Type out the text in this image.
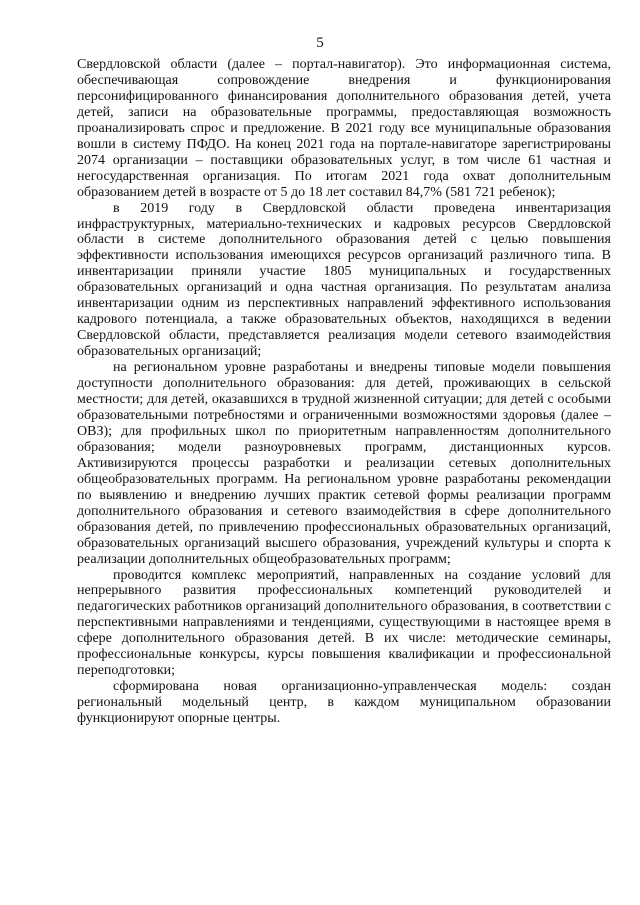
5

Свердловской области (далее – портал-навигатор). Это информационная система, обеспечивающая сопровождение внедрения и функционирования персонифицированного финансирования дополнительного образования детей, учета детей, записи на образовательные программы, предоставляющая возможность проанализировать спрос и предложение. В 2021 году все муниципальные образования вошли в систему ПФДО. На конец 2021 года на портале-навигаторе зарегистрированы 2074 организации – поставщики образовательных услуг, в том числе 61 частная и негосударственная организация. По итогам 2021 года охват дополнительным образованием детей в возрасте от 5 до 18 лет составил 84,7% (581 721 ребенок);

в 2019 году в Свердловской области проведена инвентаризация инфраструктурных, материально-технических и кадровых ресурсов Свердловской области в системе дополнительного образования детей с целью повышения эффективности использования имеющихся ресурсов организаций различного типа. В инвентаризации приняли участие 1805 муниципальных и государственных образовательных организаций и одна частная организация. По результатам анализа инвентаризации одним из перспективных направлений эффективного использования кадрового потенциала, а также образовательных объектов, находящихся в ведении Свердловской области, представляется реализация модели сетевого взаимодействия образовательных организаций;

на региональном уровне разработаны и внедрены типовые модели повышения доступности дополнительного образования: для детей, проживающих в сельской местности; для детей, оказавшихся в трудной жизненной ситуации; для детей с особыми образовательными потребностями и ограниченными возможностями здоровья (далее – ОВЗ); для профильных школ по приоритетным направленностям дополнительного образования; модели разноуровневых программ, дистанционных курсов. Активизируются процессы разработки и реализации сетевых дополнительных общеобразовательных программ. На региональном уровне разработаны рекомендации по выявлению и внедрению лучших практик сетевой формы реализации программ дополнительного образования и сетевого взаимодействия в сфере дополнительного образования детей, по привлечению профессиональных образовательных организаций, образовательных организаций высшего образования, учреждений культуры и спорта к реализации дополнительных общеобразовательных программ;

проводится комплекс мероприятий, направленных на создание условий для непрерывного развития профессиональных компетенций руководителей и педагогических работников организаций дополнительного образования, в соответствии с перспективными направлениями и тенденциями, существующими в настоящее время в сфере дополнительного образования детей. В их числе: методические семинары, профессиональные конкурсы, курсы повышения квалификации и профессиональной переподготовки;

сформирована новая организационно-управленческая модель: создан региональный модельный центр, в каждом муниципальном образовании функционируют опорные центры.
